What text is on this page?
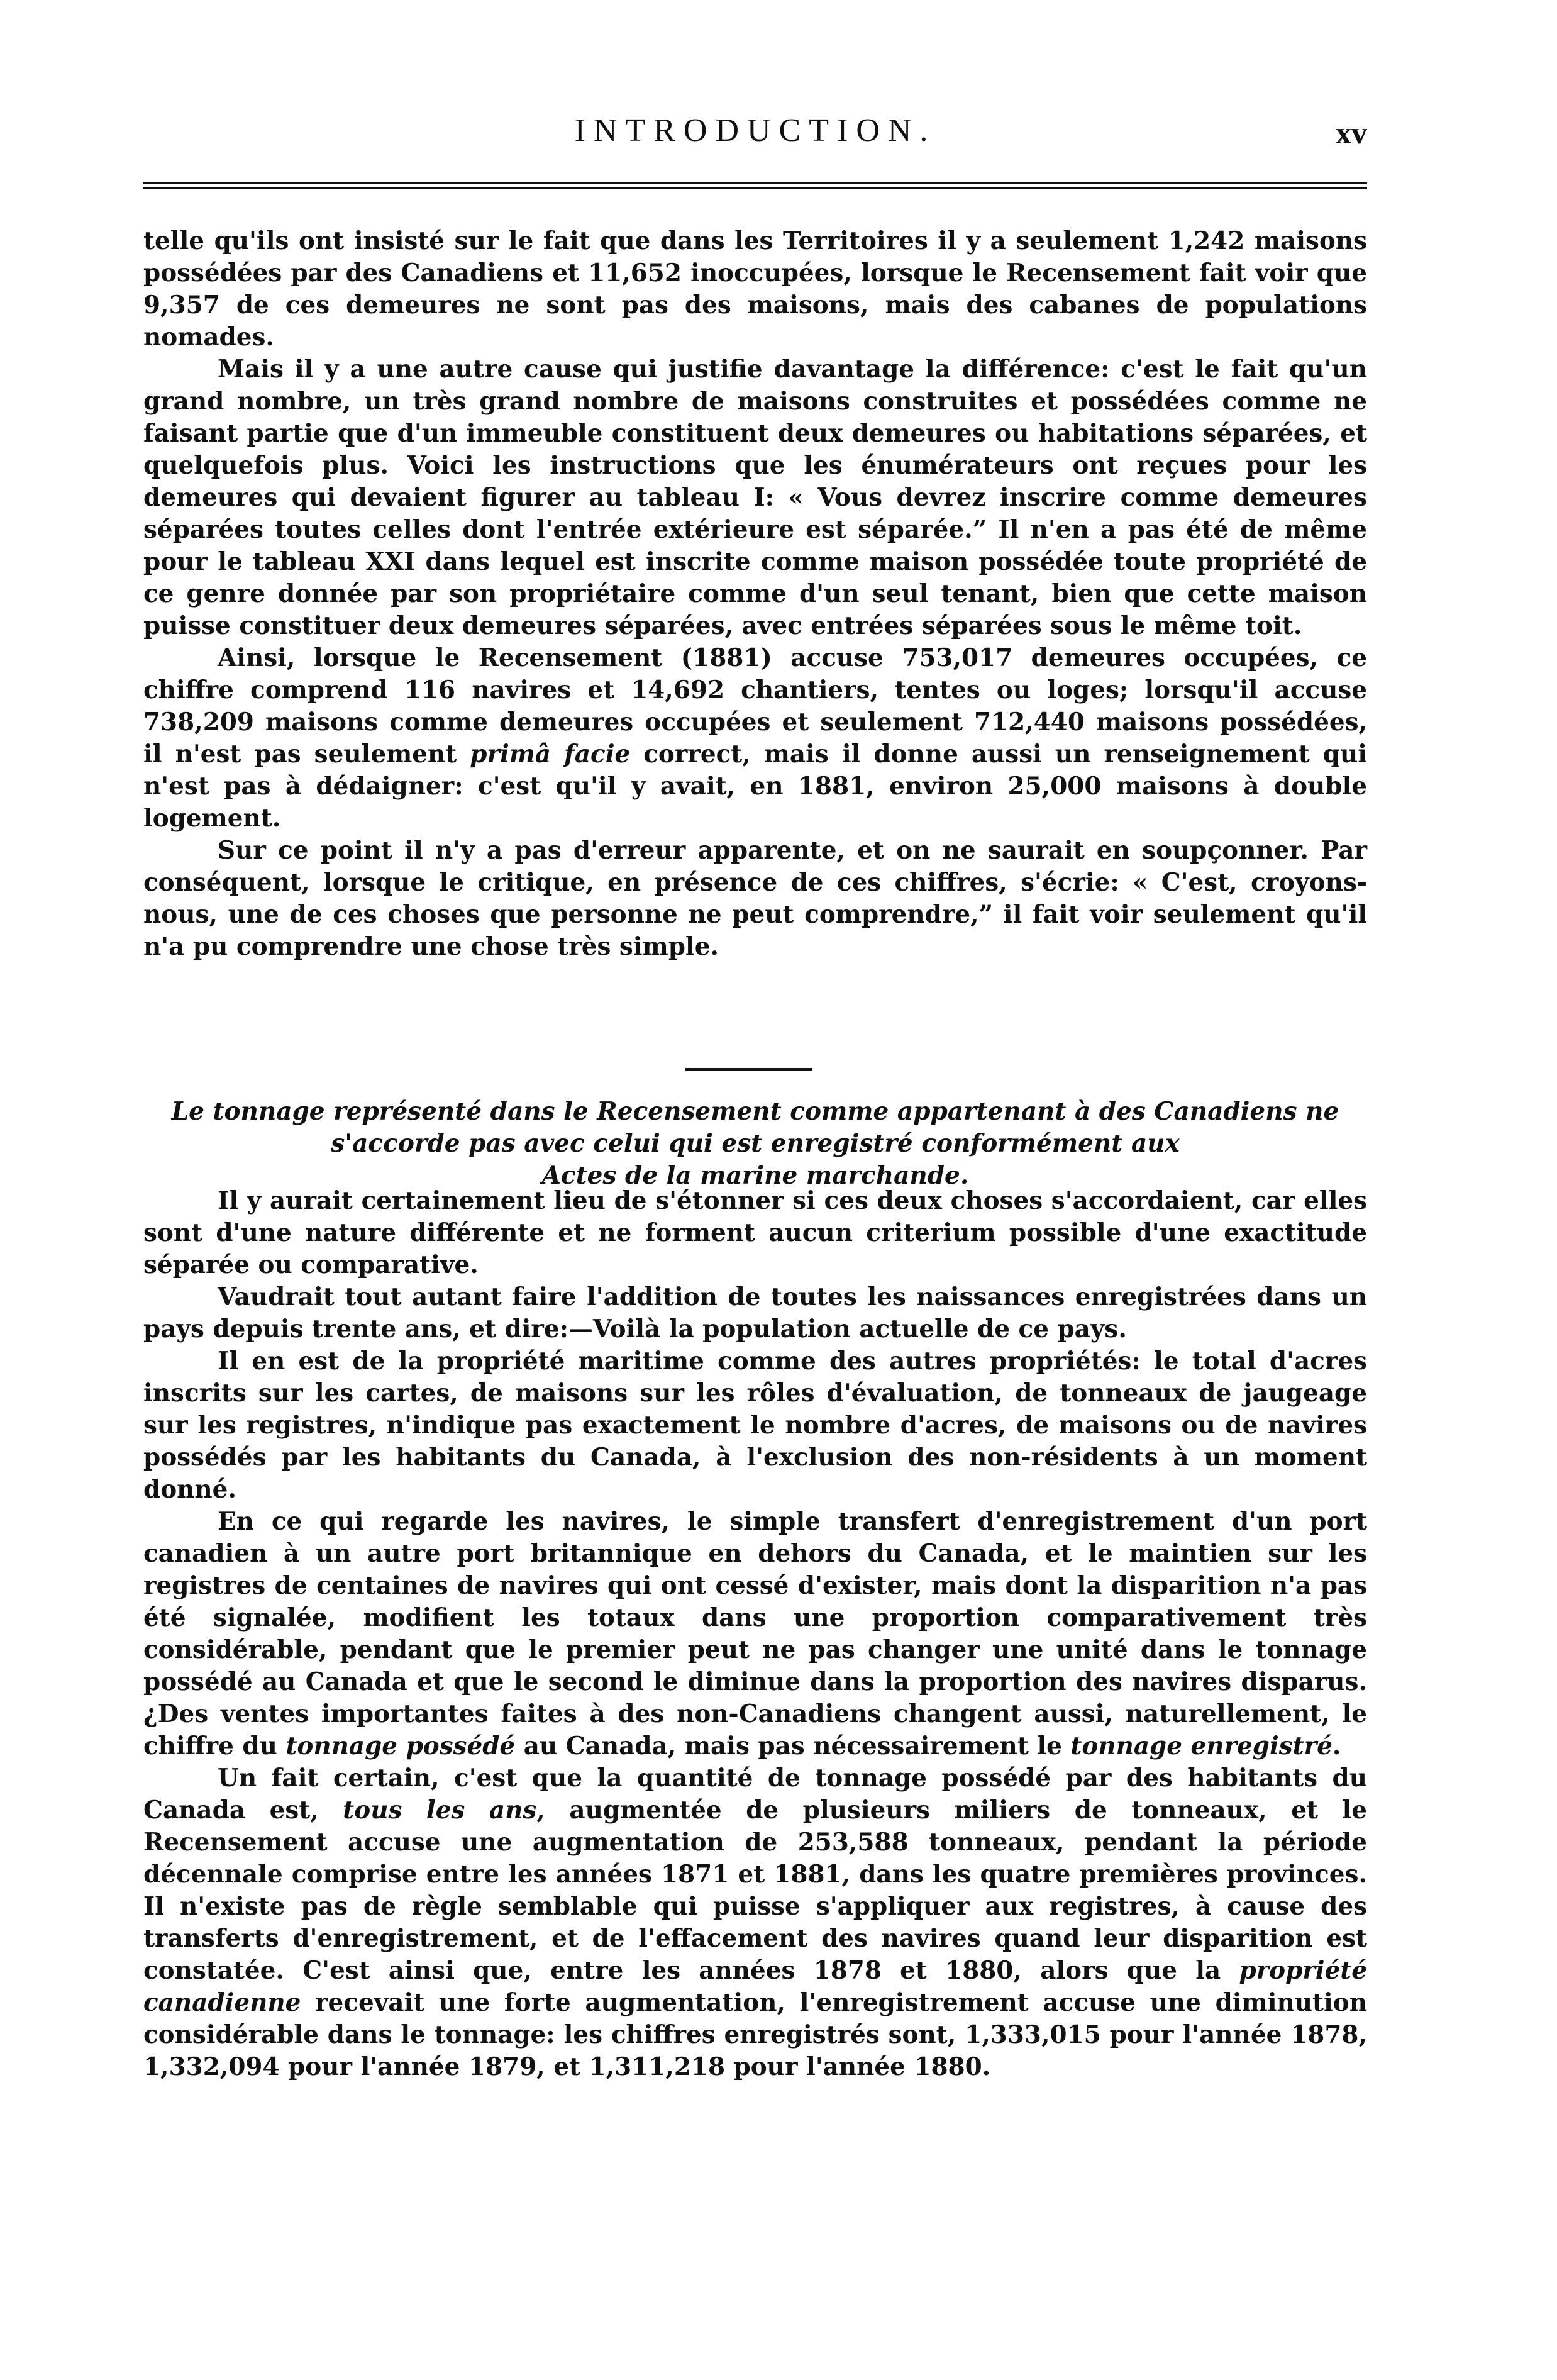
INTRODUCTION.	xv

telle qu'ils ont insisté sur le fait que dans les Territoires il y a seulement 1,242 maisons possédées par des Canadiens et 11,652 inoccupées, lorsque le Recensement fait voir que 9,357 de ces demeures ne sont pas des maisons, mais des cabanes de populations nomades.

Mais il y a une autre cause qui justifie davantage la différence: c'est le fait qu'un grand nombre, un très grand nombre de maisons construites et possédées comme ne faisant partie que d'un immeuble constituent deux demeures ou habitations séparées, et quelquefois plus. Voici les instructions que les énumérateurs ont reçues pour les demeures qui devaient figurer au tableau I: « Vous devrez inscrire comme demeures séparées toutes celles dont l'entrée extérieure est séparée.” Il n'en a pas été de même pour le tableau XXI dans lequel est inscrite comme maison possédée toute propriété de ce genre donnée par son propriétaire comme d'un seul tenant, bien que cette maison puisse constituer deux demeures séparées, avec entrées séparées sous le même toit.

Ainsi, lorsque le Recensement (1881) accuse 753,017 demeures occupées, ce chiffre comprend 116 navires et 14,692 chantiers, tentes ou loges; lorsqu'il accuse 738,209 maisons comme demeures occupées et seulement 712,440 maisons possédées, il n'est pas seulement primâ facie correct, mais il donne aussi un renseignement qui n'est pas à dédaigner: c'est qu'il y avait, en 1881, environ 25,000 maisons à double logement.

Sur ce point il n'y a pas d'erreur apparente, et on ne saurait en soupçonner. Par conséquent, lorsque le critique, en présence de ces chiffres, s'écrie: « C'est, croyons-nous, une de ces choses que personne ne peut comprendre,” il fait voir seulement qu'il n'a pu comprendre une chose très simple.

Le tonnage représenté dans le Recensement comme appartenant à des Canadiens ne
s'accorde pas avec celui qui est enregistré conformément aux
Actes de la marine marchande.

Il y aurait certainement lieu de s'étonner si ces deux choses s'accordaient, car elles sont d'une nature différente et ne forment aucun criterium possible d'une exactitude séparée ou comparative.

Vaudrait tout autant faire l'addition de toutes les naissances enregistrées dans un pays depuis trente ans, et dire:—Voilà la population actuelle de ce pays.

Il en est de la propriété maritime comme des autres propriétés: le total d'acres inscrits sur les cartes, de maisons sur les rôles d'évaluation, de tonneaux de jaugeage sur les registres, n'indique pas exactement le nombre d'acres, de maisons ou de navires possédés par les habitants du Canada, à l'exclusion des non-résidents à un moment donné.

En ce qui regarde les navires, le simple transfert d'enregistrement d'un port canadien à un autre port britannique en dehors du Canada, et le maintien sur les registres de centaines de navires qui ont cessé d'exister, mais dont la disparition n'a pas été signalée, modifient les totaux dans une proportion comparativement très considérable, pendant que le premier peut ne pas changer une unité dans le tonnage possédé au Canada et que le second le diminue dans la proportion des navires disparus. ¿Des ventes importantes faites à des non-Canadiens changent aussi, naturellement, le chiffre du tonnage possédé au Canada, mais pas nécessairement le tonnage enregistré.

Un fait certain, c'est que la quantité de tonnage possédé par des habitants du Canada est, tous les ans, augmentée de plusieurs miliers de tonneaux, et le Recensement accuse une augmentation de 253,588 tonneaux, pendant la période décennale comprise entre les années 1871 et 1881, dans les quatre premières provinces. Il n'existe pas de règle semblable qui puisse s'appliquer aux registres, à cause des transferts d'enregistrement, et de l'effacement des navires quand leur disparition est constatée. C'est ainsi que, entre les années 1878 et 1880, alors que la propriété canadienne recevait une forte augmentation, l'enregistrement accuse une diminution considérable dans le tonnage: les chiffres enregistrés sont, 1,333,015 pour l'année 1878, 1,332,094 pour l'année 1879, et 1,311,218 pour l'année 1880.
